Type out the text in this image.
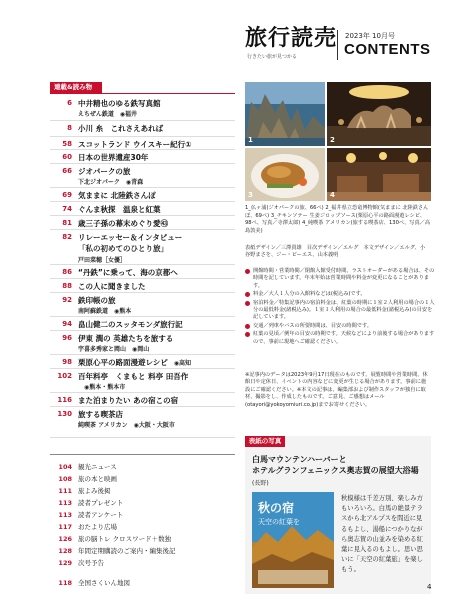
旅行読売
行きたい旅が見つかる
2023年 10月号
CONTENTS
連載&読み物
6 中井精也のゆる鉄写真館
えちぜん鉄道　◉福井
8 小川 糸　これさえあれば
58 スコットランド ウイスキー紀行①
60 日本の世界遺産30年
66 ジオパークの旅
下北ジオパーク　◉青森
69 気ままに 北陸鉄さんぽ
74 ぐんま秋探　温泉と紅葉
81 歳三子孫の幕末めぐり愛㊸
82 リレーエッセー＆インタビュー
「私の初めてのひとり旅」
戸田菜穂［女優］
86 “丹鉄”に乗って、海の京都へ
88 この人に聞きました
92 鉄印帳の旅
南阿蘇鉄道　◉熊本
94 畠山健二のスッタモンダ旅行記
96 伊東 潤の 英雄たちを旅する
宇喜多秀家と岡山　◉岡山
98 栗原心平の路面漫遊レシピ　◉高知
102 百年料亭　くまもと 料亭 田吾作
　◉熊本・熊本市
116 また泊まりたい あの宿この宿
130 旅する喫茶店
純喫茶 アメリカン　◉大阪・大阪市
104 観光ニュース
108 旅の本と映画
111 旅よみ後掲
113 読者プレゼント
113 読者アンケート
117 おたより広場
126 旅の脳トレ クロスワード＋数独
128 年間定期購読のご案内・編集後記
129 次号予告
118 全国さくいん地図
1	2
3	4
1_仏ヶ浦(ジオパークの旅、66ペ) 2_福井県立恐竜博物館(気ままに 北陸鉄さんぽ、69ペ) 3_チキンソテー 生姜ジロップソース(栗原心平の路面漫遊レシピ、98ペ、写真／寺澤太郎) 4_純喫茶 アメリカン(旅する喫茶店、130ペ、写真／高島敦美)
表紙デザイン／三澤貴雄　目次デザイン／エルグ　本文デザイン／エルグ、小谷野まさを、ジー・ピーエス、山本義明
開館時間・営業時間／閉館入館受付時間、ラストオーダーがある場合は、その時間を記しています。年末年始は営業時間や料金が変更になることがあります。
料金／大人１人分の入館料などは(税込み)です。
宿泊料金／特集記事内の宿泊料金は、紅葉の時期に１室２人利用の場合の１人分の最低料金(諸税込み)。１室１人利用の場合の最低料金(諸税込み)の目安を記しています。
交通／列車やバスの所要時間は、目安の時間です。
紅葉の見頃／例年の目安の時期です。天候などにより前後する場合がありますので、事前に現地へご確認ください。
※記事内のデータは2023年9月17日現在のものです。展覧時間や営業時間、休館日や定休日、イベントの内容などに変更が生じる場合があります。事前に施設にご確認ください。※本文の記事は、編集部および制作スタッフが独自に取材、撮影をし、作成したものです。ご意見、ご感想はメール(otayori@yokoyomiuri.co.jp)までお寄せください。
表紙の写真
白馬マウンテンハーバーと
ホテルグランフェニックス奥志賀の展望大浴場
(長野)
秋の宿
天空の紅葉を
秋模様は千差万別、楽しみ方もいろいろ。白馬の絶景テラスから北アルプスを間近に見るもよし、湯船につかりながら奥志賀の山並みを染める紅葉に見入るのもよし。思い思いに「天空の紅葉旅」を楽しもう。
4
